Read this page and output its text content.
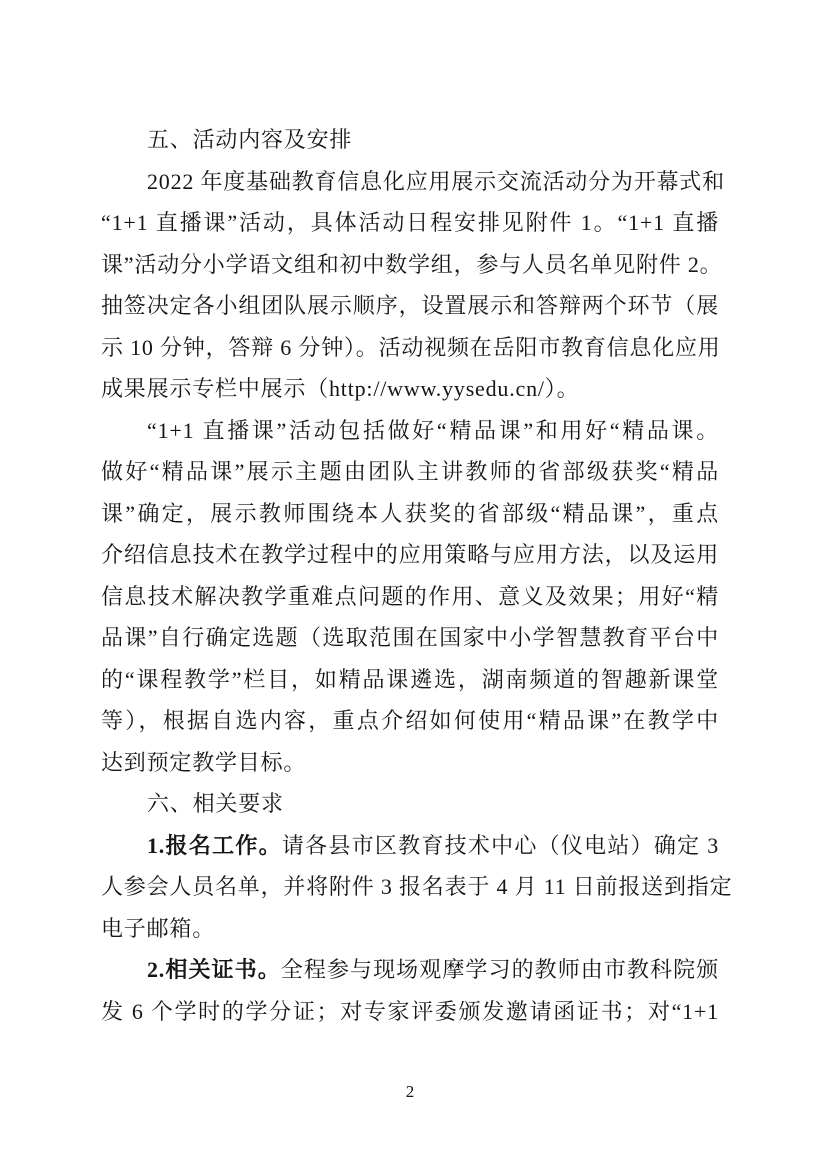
五、活动内容及安排
2022 年度基础教育信息化应用展示交流活动分为开幕式和
“1+1 直播课”活动，具体活动日程安排见附件 1。“1+1 直播
课”活动分小学语文组和初中数学组，参与人员名单见附件 2。
抽签决定各小组团队展示顺序，设置展示和答辩两个环节（展
示 10 分钟，答辩 6 分钟）。活动视频在岳阳市教育信息化应用
成果展示专栏中展示（http://www.yysedu.cn/）。
“1+1 直播课”活动包括做好“精品课”和用好“精品课。
做好“精品课”展示主题由团队主讲教师的省部级获奖“精品
课”确定，展示教师围绕本人获奖的省部级“精品课”，重点
介绍信息技术在教学过程中的应用策略与应用方法，以及运用
信息技术解决教学重难点问题的作用、意义及效果；用好“精
品课”自行确定选题（选取范围在国家中小学智慧教育平台中
的“课程教学”栏目，如精品课遴选，湖南频道的智趣新课堂
等），根据自选内容，重点介绍如何使用“精品课”在教学中
达到预定教学目标。
六、相关要求
1.报名工作。请各县市区教育技术中心（仪电站）确定 3
人参会人员名单，并将附件 3 报名表于 4 月 11 日前报送到指定
电子邮箱。
2.相关证书。全程参与现场观摩学习的教师由市教科院颁
发 6 个学时的学分证；对专家评委颁发邀请函证书；对“1+1
2
